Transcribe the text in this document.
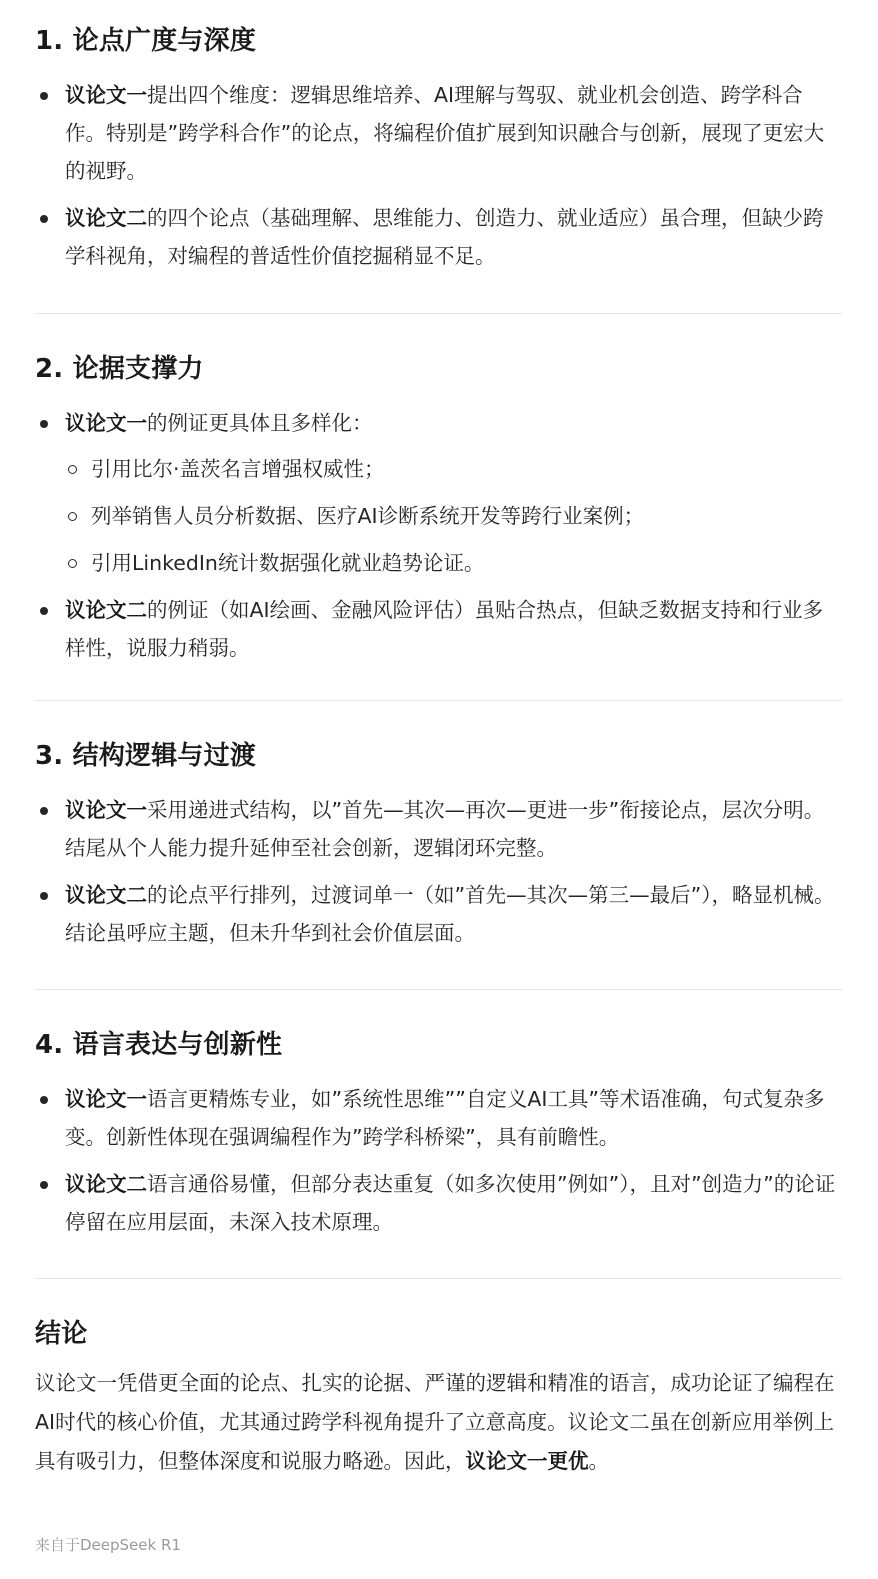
1. 论点广度与深度
议论文一提出四个维度：逻辑思维培养、AI理解与驾驭、就业机会创造、跨学科合作。特别是”跨学科合作”的论点，将编程价值扩展到知识融合与创新，展现了更宏大的视野。
议论文二的四个论点（基础理解、思维能力、创造力、就业适应）虽合理，但缺少跨学科视角，对编程的普适性价值挖掘稍显不足。
2. 论据支撑力
议论文一的例证更具体且多样化：
引用比尔·盖茨名言增强权威性；
列举销售人员分析数据、医疗AI诊断系统开发等跨行业案例；
引用LinkedIn统计数据强化就业趋势论证。
议论文二的例证（如AI绘画、金融风险评估）虽贴合热点，但缺乏数据支持和行业多样性，说服力稍弱。
3. 结构逻辑与过渡
议论文一采用递进式结构，以”首先—其次—再次—更进一步”衔接论点，层次分明。结尾从个人能力提升延伸至社会创新，逻辑闭环完整。
议论文二的论点平行排列，过渡词单一（如”首先—其次—第三—最后”），略显机械。结论虽呼应主题，但未升华到社会价值层面。
4. 语言表达与创新性
议论文一语言更精炼专业，如”系统性思维””自定义AI工具”等术语准确，句式复杂多变。创新性体现在强调编程作为”跨学科桥梁”，具有前瞻性。
议论文二语言通俗易懂，但部分表达重复（如多次使用”例如”），且对”创造力”的论证停留在应用层面，未深入技术原理。
结论

议论文一凭借更全面的论点、扎实的论据、严谨的逻辑和精准的语言，成功论证了编程在AI时代的核心价值，尤其通过跨学科视角提升了立意高度。议论文二虽在创新应用举例上具有吸引力，但整体深度和说服力略逊。因此，议论文一更优。

来自于DeepSeek R1
